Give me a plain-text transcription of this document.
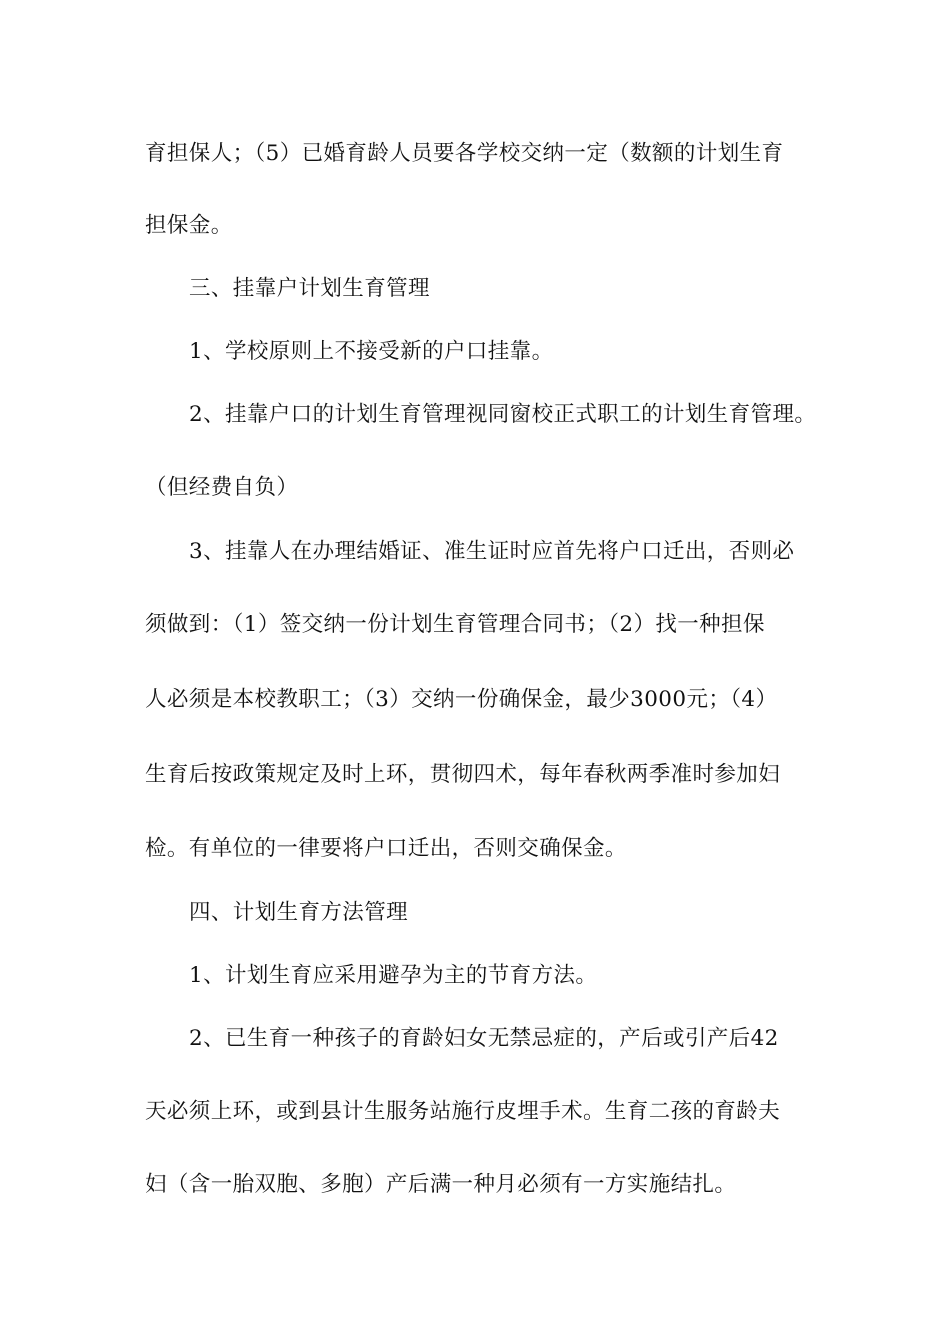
育担保人；（5）已婚育龄人员要各学校交纳一定（数额的计划生育
担保金。
三、挂靠户计划生育管理
1、学校原则上不接受新的户口挂靠。
2、挂靠户口的计划生育管理视同窗校正式职工的计划生育管理。
（但经费自负）
3、挂靠人在办理结婚证、准生证时应首先将户口迁出，否则必
须做到：（1）签交纳一份计划生育管理合同书；（2）找一种担保
人必须是本校教职工；（3）交纳一份确保金，最少3000元；（4）
生育后按政策规定及时上环，贯彻四术，每年春秋两季准时参加妇
检。有单位的一律要将户口迁出，否则交确保金。
四、计划生育方法管理
1、计划生育应采用避孕为主的节育方法。
2、已生育一种孩子的育龄妇女无禁忌症的，产后或引产后42
天必须上环，或到县计生服务站施行皮埋手术。生育二孩的育龄夫
妇（含一胎双胞、多胞）产后满一种月必须有一方实施结扎。
